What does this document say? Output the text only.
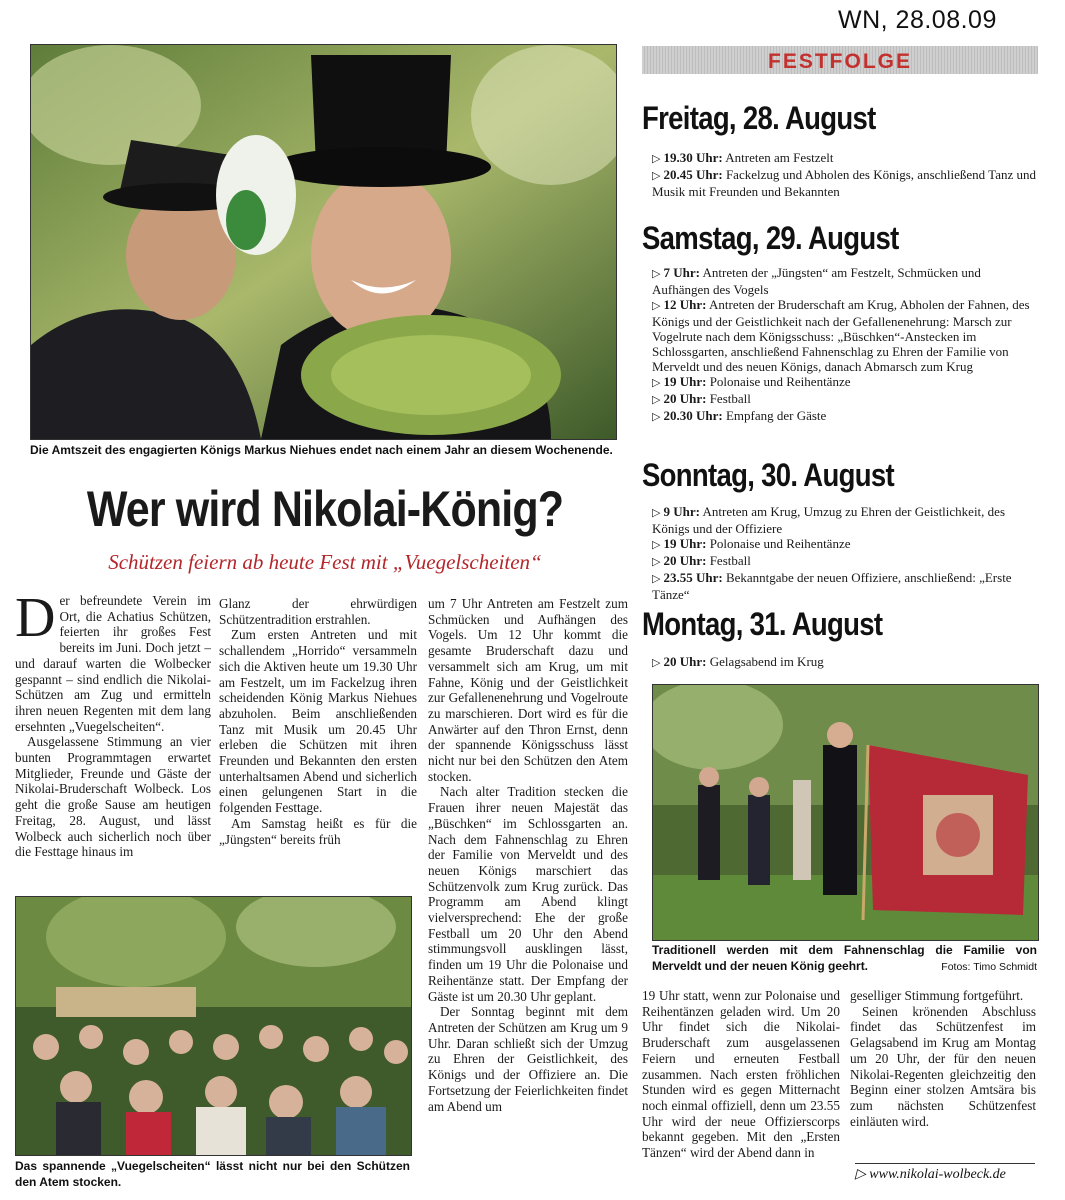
WN, 28.08.09
Die Amtszeit des engagierten Königs Markus Niehues endet nach einem Jahr an diesem Wochenende.
Wer wird Nikolai-König?
Schützen feiern ab heute Fest mit „Vuegelscheiten“

Der befreundete Verein im Ort, die Achatius Schützen, feierten ihr großes Fest bereits im Juni. Doch jetzt – und darauf warten die Wolbecker gespannt – sind endlich die Nikolai-Schützen am Zug und ermitteln ihren neuen Regenten mit dem lang ersehnten „Vuegelscheiten“.

Ausgelassene Stimmung an vier bunten Programmtagen erwartet Mitglieder, Freunde und Gäste der Nikolai-Bruderschaft Wolbeck. Los geht die große Sause am heutigen Freitag, 28. August, und lässt Wolbeck auch sicherlich noch über die Festtage hinaus im

Glanz der ehrwürdigen Schützentradition erstrahlen.

Zum ersten Antreten und mit schallendem „Horrido“ versammeln sich die Aktiven heute um 19.30 Uhr am Festzelt, um im Fackelzug ihren scheidenden König Markus Niehues abzuholen. Beim anschließenden Tanz mit Musik um 20.45 Uhr erleben die Schützen mit ihren Freunden und Bekannten den ersten unterhaltsamen Abend und sicherlich einen gelungenen Start in die folgenden Festtage.

Am Samstag heißt es für die „Jüngsten“ bereits früh

um 7 Uhr Antreten am Festzelt zum Schmücken und Aufhängen des Vogels. Um 12 Uhr kommt die gesamte Bruderschaft dazu und versammelt sich am Krug, um mit Fahne, König und der Geistlichkeit zur Gefallenenehrung und Vogelroute zu marschieren. Dort wird es für die Anwärter auf den Thron Ernst, denn der spannende Königsschuss lässt nicht nur bei den Schützen den Atem stocken.

Nach alter Tradition stecken die Frauen ihrer neuen Majestät das „Büschken“ im Schlossgarten an. Nach dem Fahnenschlag zu Ehren der Familie von Merveldt und des neuen Königs marschiert das Schützenvolk zum Krug zurück. Das Programm am Abend klingt vielversprechend: Ehe der große Festball um 20 Uhr den Abend stimmungsvoll ausklingen lässt, finden um 19 Uhr die Polonaise und Reihentänze statt. Der Empfang der Gäste ist um 20.30 Uhr geplant.

Der Sonntag beginnt mit dem Antreten der Schützen am Krug um 9 Uhr. Daran schließt sich der Umzug zu Ehren der Geistlichkeit, des Königs und der Offiziere an. Die Fortsetzung der Feierlichkeiten findet am Abend um

19 Uhr statt, wenn zur Polonaise und Reihentänzen geladen wird. Um 20 Uhr findet sich die Nikolai-Bruderschaft zum ausgelassenen Feiern und erneuten Festball zusammen. Nach ersten fröhlichen Stunden wird es gegen Mitternacht noch einmal offiziell, denn um 23.55 Uhr wird der neue Offizierscorps bekannt gegeben. Mit den „Ersten Tänzen“ wird der Abend dann in

geselliger Stimmung fortgeführt.

Seinen krönenden Abschluss findet das Schützenfest im Gelagsabend im Krug am Montag um 20 Uhr, der für den neuen Nikolai-Regenten gleichzeitig den Beginn einer stolzen Amtsära bis zum nächsten Schützenfest einläuten wird.

Das spannende „Vuegelscheiten“ lässt nicht nur bei den Schützen den Atem stocken.
FESTFOLGE
Freitag, 28. August
▷ 19.30 Uhr: Antreten am Festzelt
▷ 20.45 Uhr: Fackelzug und Abholen des Königs, anschließend Tanz und Musik mit Freunden und Bekannten
Samstag, 29. August
▷ 7 Uhr: Antreten der „Jüngsten“ am Festzelt, Schmücken und Aufhängen des Vogels
▷ 12 Uhr: Antreten der Bruderschaft am Krug, Abholen der Fahnen, des Königs und der Geistlichkeit nach der Gefallenenehrung: Marsch zur Vogelrute nach dem Königsschuss: „Büschken“-Anstecken im Schlossgarten, anschließend Fahnenschlag zu Ehren der Familie von Merveldt und des neuen Königs, danach Abmarsch zum Krug
▷ 19 Uhr: Polonaise und Reihentänze
▷ 20 Uhr: Festball
▷ 20.30 Uhr: Empfang der Gäste
Sonntag, 30. August
▷ 9 Uhr: Antreten am Krug, Umzug zu Ehren der Geistlichkeit, des Königs und der Offiziere
▷ 19 Uhr: Polonaise und Reihentänze
▷ 20 Uhr: Festball
▷ 23.55 Uhr: Bekanntgabe der neuen Offiziere, anschließend: „Erste Tänze“
Montag, 31. August
▷ 20 Uhr: Gelagsabend im Krug
Traditionell werden mit dem Fahnenschlag die Familie von Merveldt und der neuen König geehrt.	Fotos: Timo Schmidt
▷ www.nikolai-wolbeck.de
